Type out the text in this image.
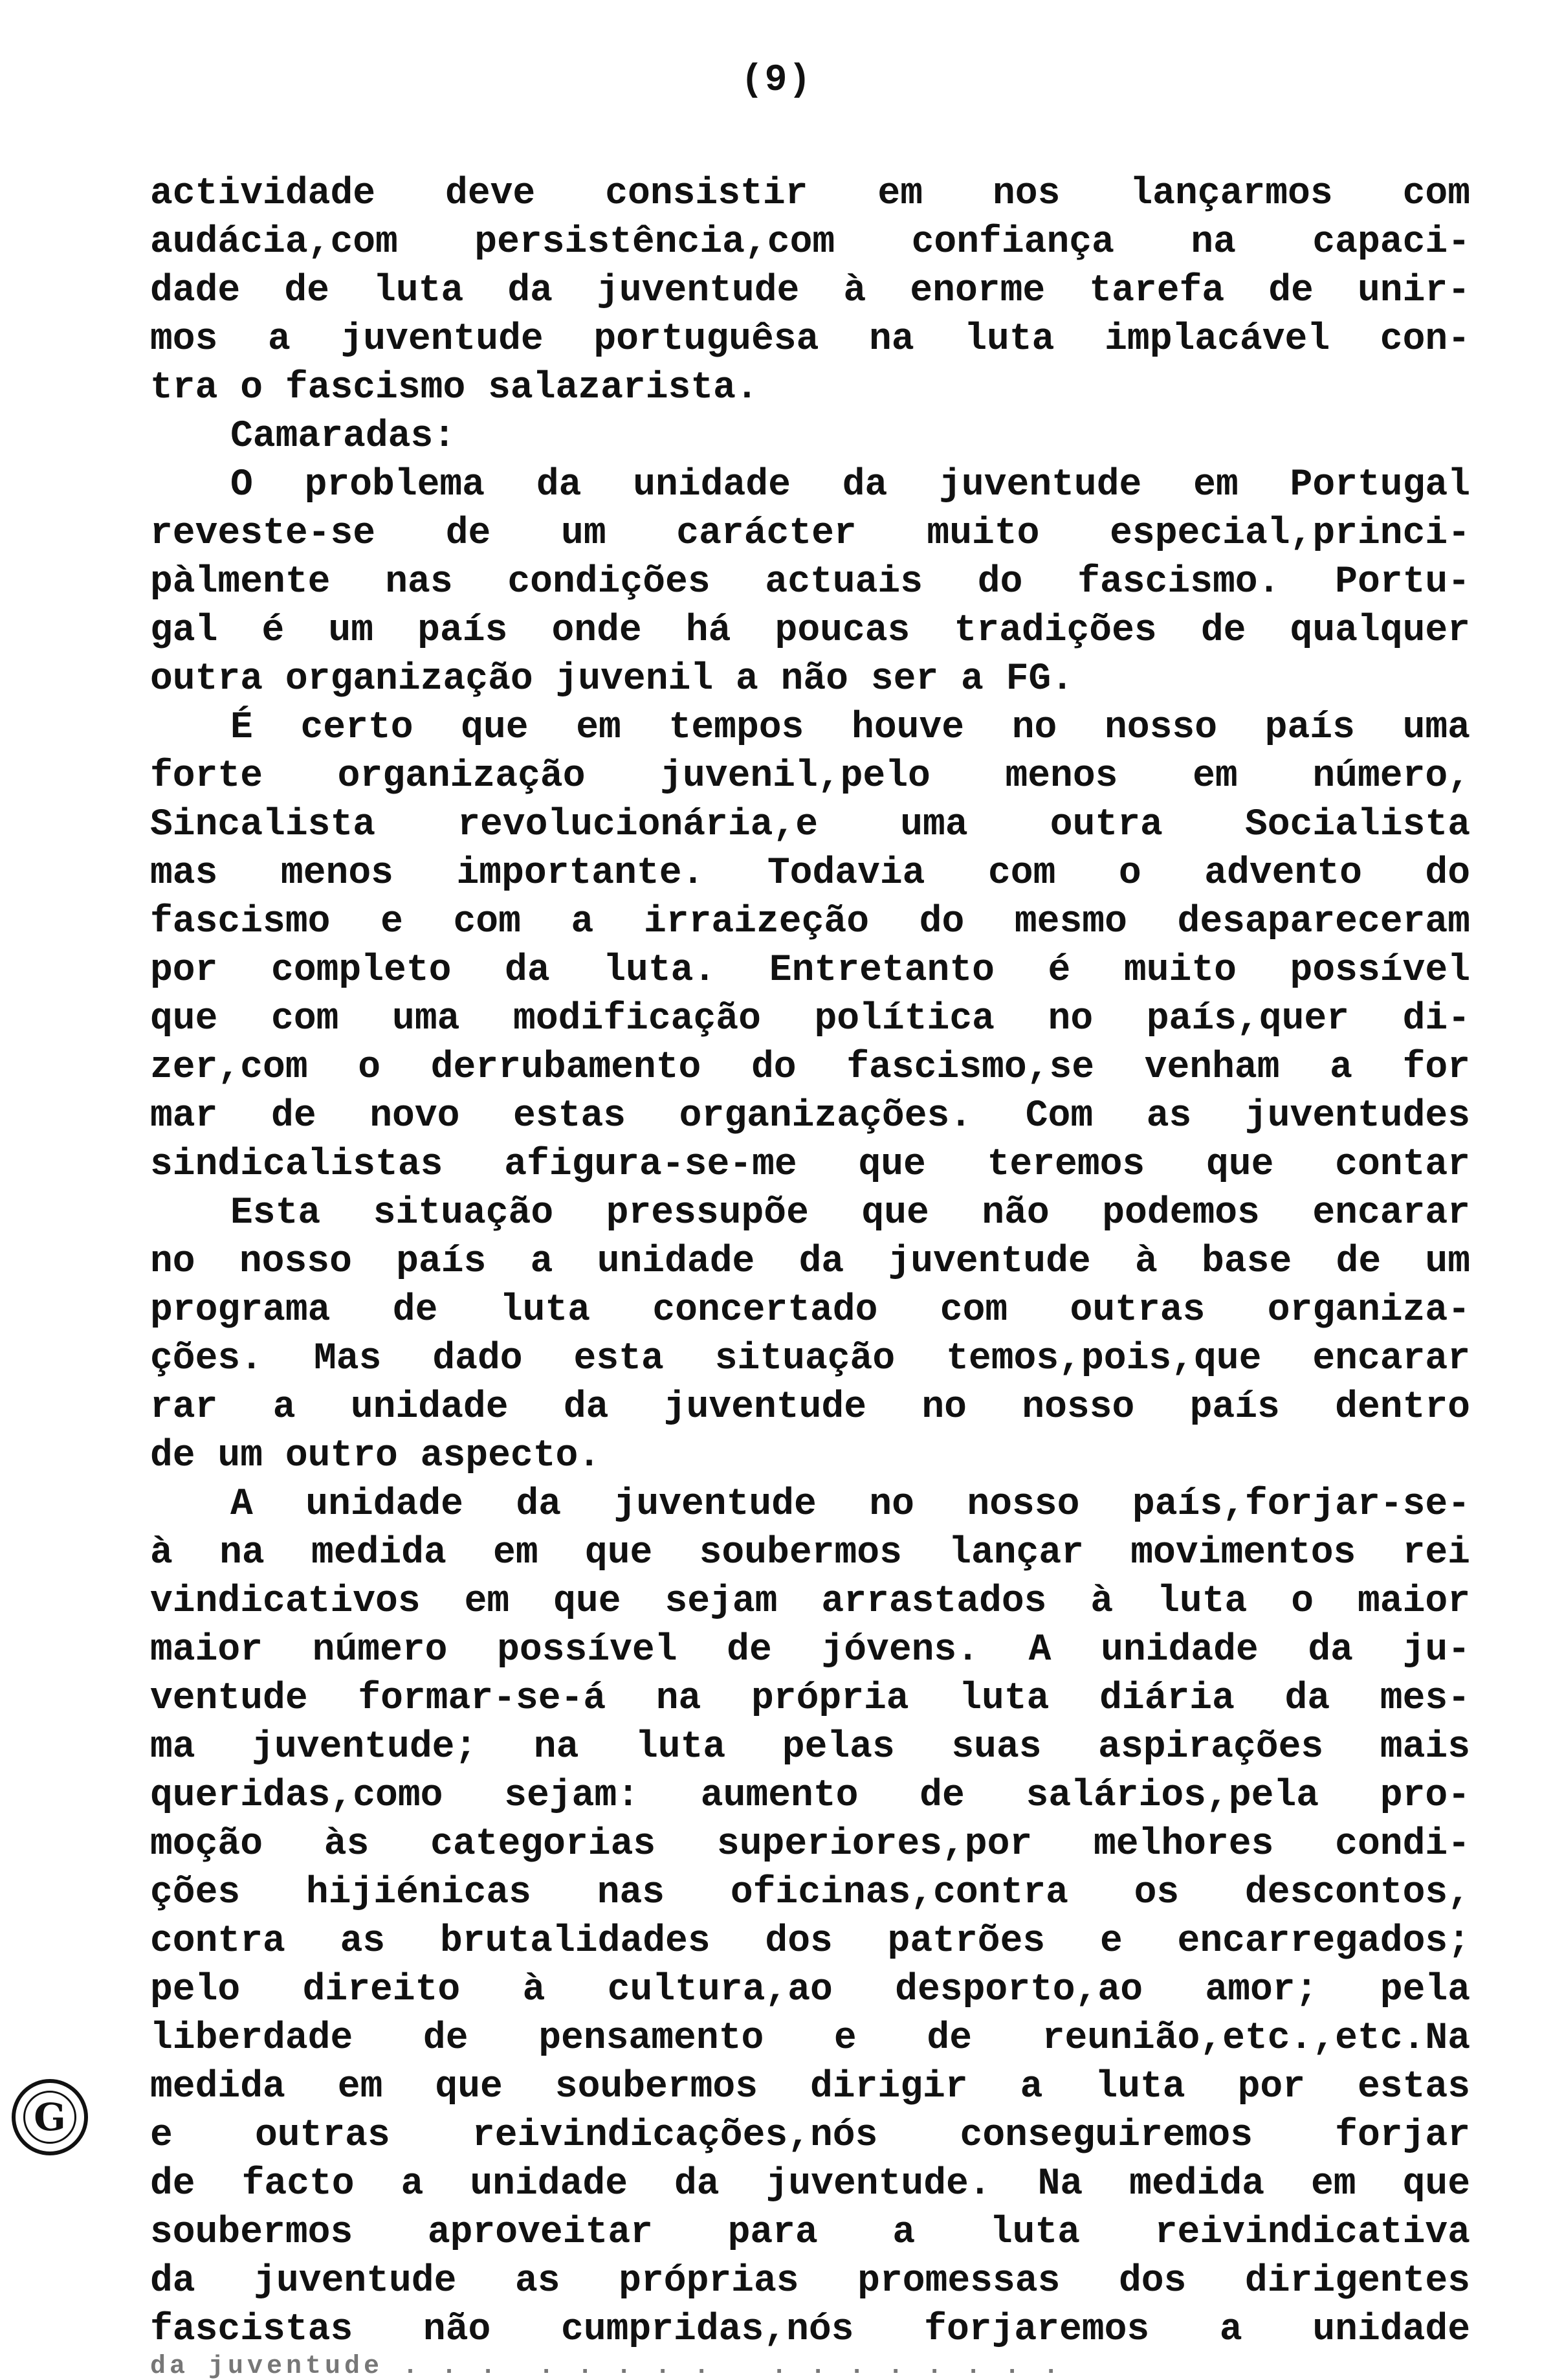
(9)
actividade deve consistir em nos lançarmos com
audácia,com persistência,com confiança na capaci-
dade de luta da juventude à enorme tarefa de unir-
mos a juventude portuguêsa na luta implacável con-
tra o fascismo salazarista.
Camaradas:
O problema da unidade da juventude em Portugal
reveste-se de um carácter muito especial,princi-
pàlmente nas condições actuais do fascismo. Portu-
gal é um país onde há poucas tradições de qualquer
outra organização juvenil a não ser a FG.
É certo que em tempos houve no nosso país uma
forte organização juvenil,pelo menos em número,
Sincalista revolucionária,e uma outra Socialista
mas menos importante. Todavia com o advento do
fascismo e com a irraizeção do mesmo desapareceram
por completo da luta. Entretanto é muito possível
que com uma modificação política no país,quer di-
zer,com o derrubamento do fascismo,se venham a for
mar de novo estas organizações. Com as juventudes
sindicalistas afigura-se-me que teremos que contar
Esta situação pressupõe que não podemos encarar
no nosso país a unidade da juventude à base de um
programa de luta concertado com outras organiza-
ções. Mas dado esta situação temos,pois,que encarar
rar a unidade da juventude no nosso país dentro
de um outro aspecto.
A unidade da juventude no nosso país,forjar-se-
à na medida em que soubermos lançar movimentos rei
vindicativos em que sejam arrastados à luta o maior
maior número possível de jóvens. A unidade da ju-
ventude formar-se-á na própria luta diária da mes-
ma juventude; na luta pelas suas aspirações mais
queridas,como sejam: aumento de salários,pela pro-
moção às categorias superiores,por melhores condi-
ções hijiénicas nas oficinas,contra os descontos,
contra as brutalidades dos patrões e encarregados;
pelo direito à cultura,ao desporto,ao amor; pela
liberdade de pensamento e de reunião,etc.,etc.Na
medida em que soubermos dirigir a luta por estas
e outras reivindicações,nós conseguiremos forjar
de facto a unidade da juventude. Na medida em que
soubermos aproveitar para a luta reivindicativa
da juventude as próprias promessas dos dirigentes
fascistas não cumpridas,nós forjaremos a unidade
da juventude . . .  . . . . .   . . . . . . . .
G
